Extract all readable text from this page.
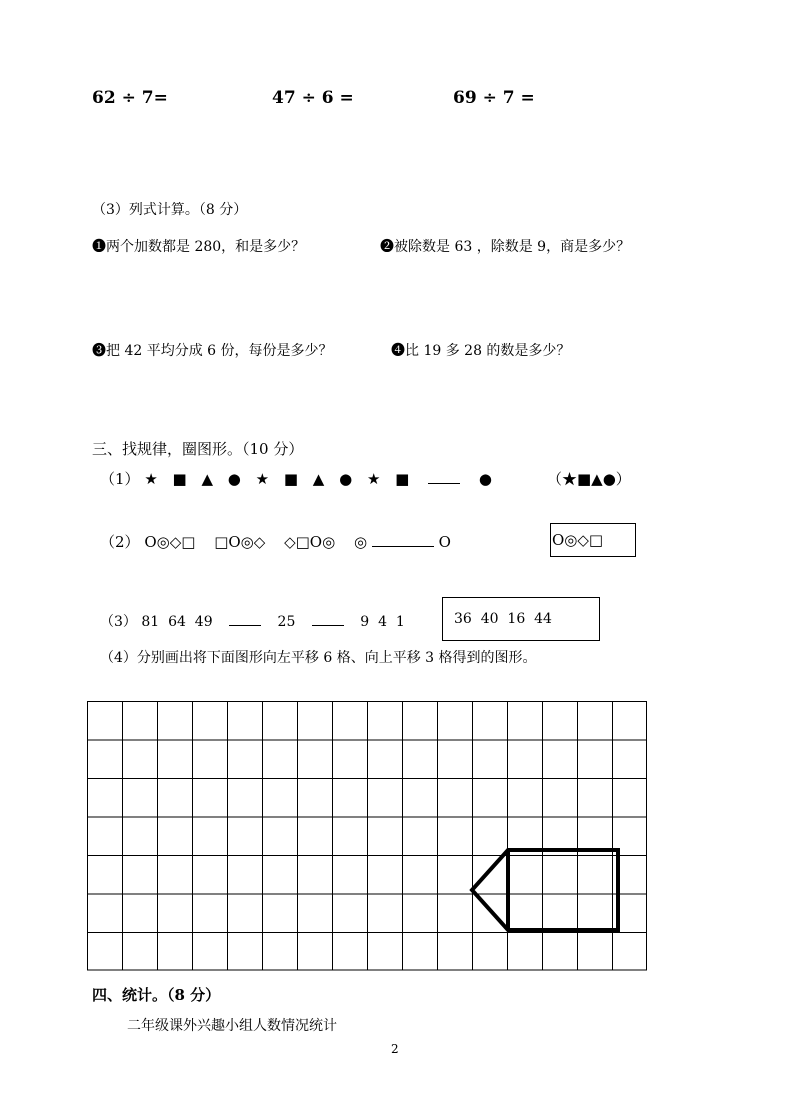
62 ÷ 7=	47 ÷ 6 =	69 ÷ 7 =
（3）列式计算。（8 分）
❶两个加数都是 280，和是多少？	❷被除数是 63 ，除数是 9，商是多少？
❸把 42 平均分成 6 份，每份是多少？	❹比 19 多 28 的数是多少？
三、找规律，圈图形。（10 分）
（1） ★ ■ ▲ ● ★ ■ ▲ ● ★ ■	●	（★■▲●）
（2） O◎◇□ □O◎◇ ◇□O◎ ◎	O	O◎◇□
（3） 81  64  49	25	9  4  1	36  40  16  44
（4）分别画出将下面图形向左平移 6 格、向上平移 3 格得到的图形。
四、统计。（8 分）
二年级课外兴趣小组人数情况统计
2
